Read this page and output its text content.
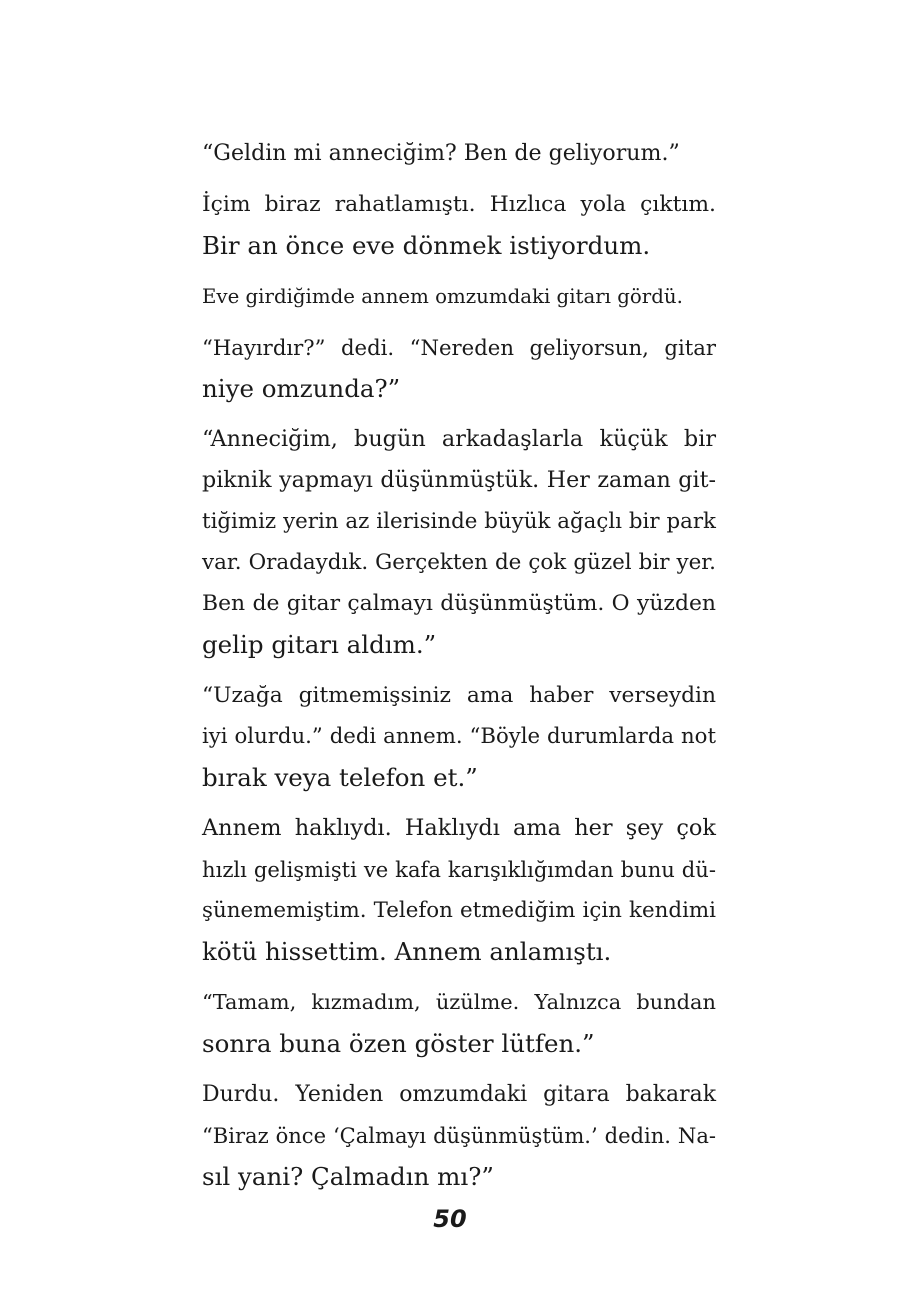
“Geldin mi anneciğim? Ben de geliyorum.”

İçim biraz rahatlamıştı. Hızlıca yola çıktım.
Bir an önce eve dönmek istiyordum.

Eve girdiğimde annem omzumdaki gitarı gördü.

“Hayırdır?” dedi. “Nereden geliyorsun, gitar
niye omzunda?”

“Anneciğim, bugün arkadaşlarla küçük bir
piknik yapmayı düşünmüştük. Her zaman git-
tiğimiz yerin az ilerisinde büyük ağaçlı bir park
var. Oradaydık. Gerçekten de çok güzel bir yer.
Ben de gitar çalmayı düşünmüştüm. O yüzden
gelip gitarı aldım.”

“Uzağa gitmemişsiniz ama haber verseydin
iyi olurdu.” dedi annem. “Böyle durumlarda not
bırak veya telefon et.”

Annem haklıydı. Haklıydı ama her şey çok
hızlı gelişmişti ve kafa karışıklığımdan bunu dü-
şünememiştim. Telefon etmediğim için kendimi
kötü hissettim. Annem anlamıştı.

“Tamam, kızmadım, üzülme. Yalnızca bundan
sonra buna özen göster lütfen.”

Durdu. Yeniden omzumdaki gitara bakarak
“Biraz önce ‘Çalmayı düşünmüştüm.’ dedin. Na-
sıl yani? Çalmadın mı?”

50
